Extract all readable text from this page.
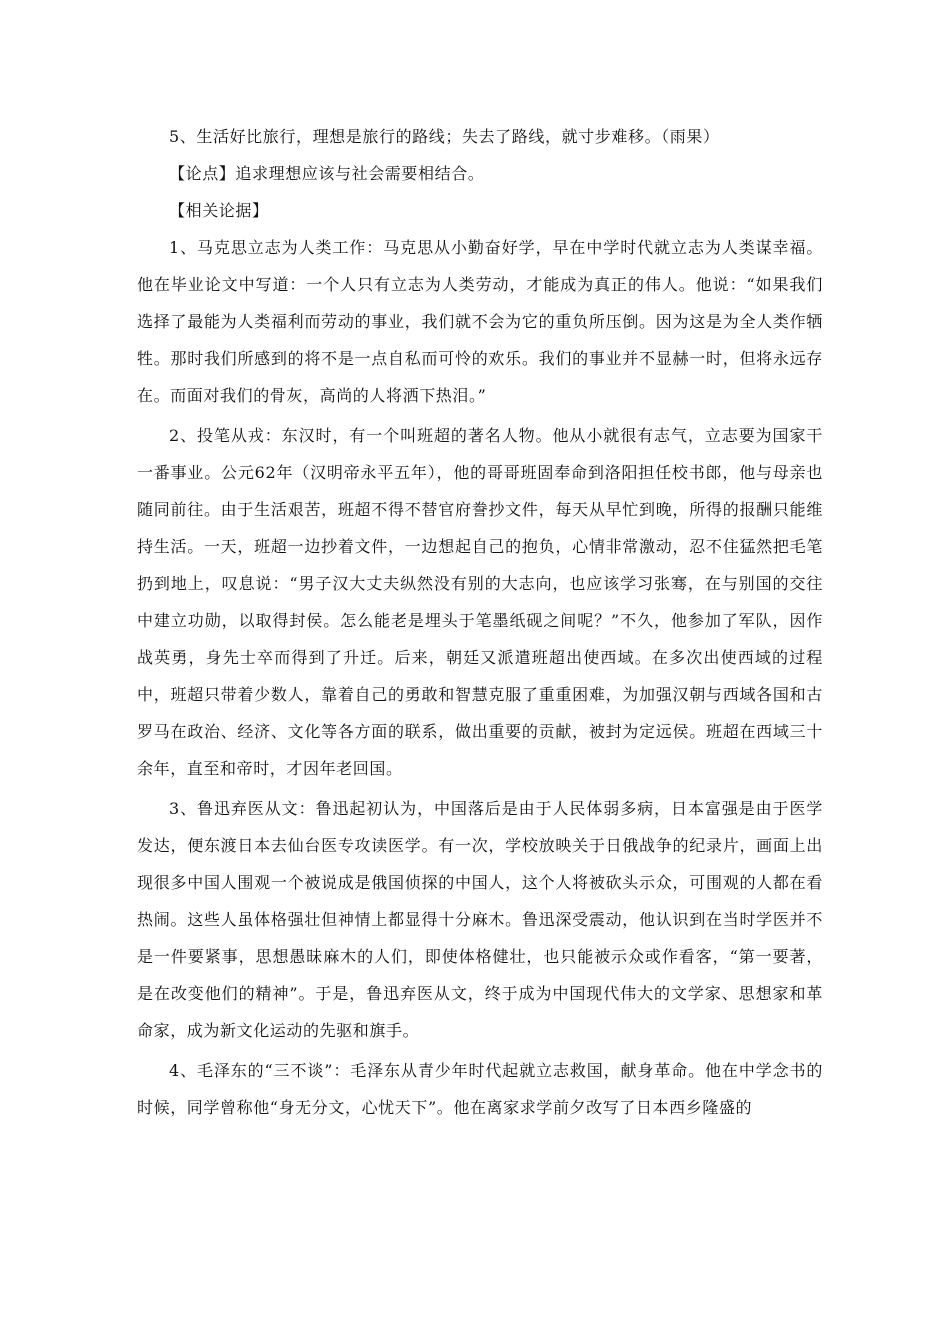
5、生活好比旅行，理想是旅行的路线；失去了路线，就寸步难移。（雨果）

【论点】追求理想应该与社会需要相结合。

【相关论据】

1、马克思立志为人类工作：马克思从小勤奋好学，早在中学时代就立志为人类谋幸福。他在毕业论文中写道：一个人只有立志为人类劳动，才能成为真正的伟人。他说：“如果我们选择了最能为人类福利而劳动的事业，我们就不会为它的重负所压倒。因为这是为全人类作牺牲。那时我们所感到的将不是一点自私而可怜的欢乐。我们的事业并不显赫一时，但将永远存在。而面对我们的骨灰，高尚的人将洒下热泪。”

2、投笔从戎：东汉时，有一个叫班超的著名人物。他从小就很有志气，立志要为国家干一番事业。公元62年（汉明帝永平五年），他的哥哥班固奉命到洛阳担任校书郎，他与母亲也随同前往。由于生活艰苦，班超不得不替官府誊抄文件，每天从早忙到晚，所得的报酬只能维持生活。一天，班超一边抄着文件，一边想起自己的抱负，心情非常激动，忍不住猛然把毛笔扔到地上，叹息说：“男子汉大丈夫纵然没有别的大志向，也应该学习张骞，在与别国的交往中建立功勋，以取得封侯。怎么能老是埋头于笔墨纸砚之间呢？”不久，他参加了军队，因作战英勇，身先士卒而得到了升迁。后来，朝廷又派遣班超出使西域。在多次出使西域的过程中，班超只带着少数人，靠着自己的勇敢和智慧克服了重重困难，为加强汉朝与西域各国和古罗马在政治、经济、文化等各方面的联系，做出重要的贡献，被封为定远侯。班超在西域三十余年，直至和帝时，才因年老回国。

3、鲁迅弃医从文：鲁迅起初认为，中国落后是由于人民体弱多病，日本富强是由于医学发达，便东渡日本去仙台医专攻读医学。有一次，学校放映关于日俄战争的纪录片，画面上出现很多中国人围观一个被说成是俄国侦探的中国人，这个人将被砍头示众，可围观的人都在看热闹。这些人虽体格强壮但神情上都显得十分麻木。鲁迅深受震动，他认识到在当时学医并不是一件要紧事，思想愚昧麻木的人们，即使体格健壮，也只能被示众或作看客，“第一要著，是在改变他们的精神”。于是，鲁迅弃医从文，终于成为中国现代伟大的文学家、思想家和革命家，成为新文化运动的先驱和旗手。

4、毛泽东的“三不谈”：毛泽东从青少年时代起就立志救国，献身革命。他在中学念书的时候，同学曾称他“身无分文，心忧天下”。他在离家求学前夕改写了日本西乡隆盛的
